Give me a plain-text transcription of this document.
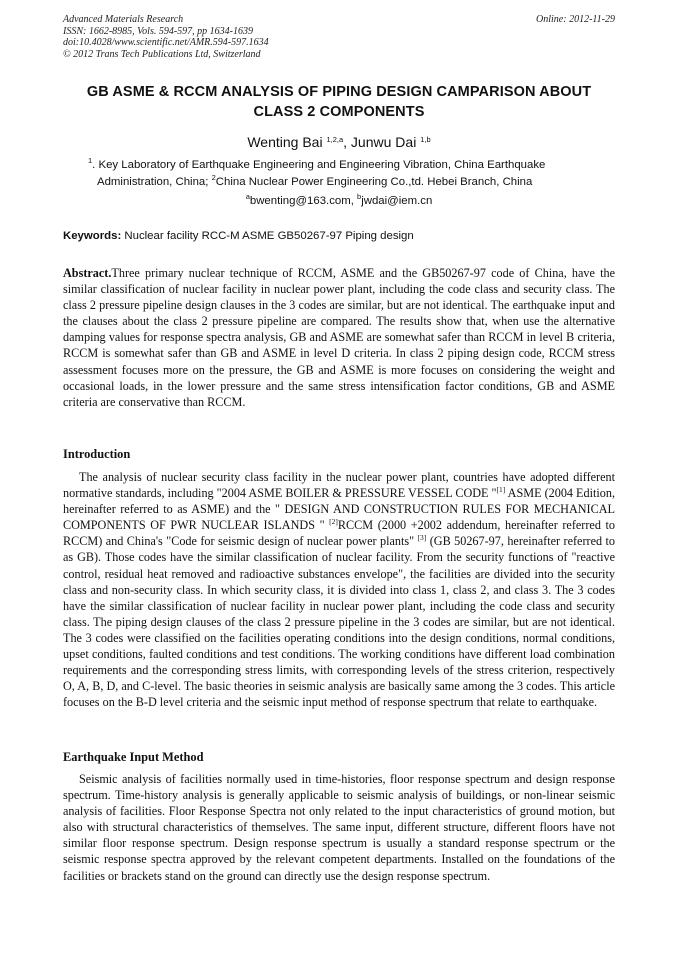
Advanced Materials Research
ISSN: 1662-8985, Vols. 594-597, pp 1634-1639
doi:10.4028/www.scientific.net/AMR.594-597.1634
© 2012 Trans Tech Publications Ltd, Switzerland
Online: 2012-11-29
GB ASME & RCCM ANALYSIS OF PIPING DESIGN CAMPARISON ABOUT
CLASS 2 COMPONENTS
Wenting Bai $^{1,2,a}$, Junwu Dai $^{1,b}$
$^1$. Key Laboratory of Earthquake Engineering and Engineering Vibration, China Earthquake
Administration, China; $^2$China Nuclear Power Engineering Co.,td. Hebei Branch, China
$^a$bwenting@163.com, $^b$jwdai@iem.cn
Keywords: Nuclear facility RCC-M ASME GB50267-97 Piping design
Abstract.Three primary nuclear technique of RCCM, ASME and the GB50267-97 code of China, have the similar classification of nuclear facility in nuclear power plant, including the code class and security class. The class 2 pressure pipeline design clauses in the 3 codes are similar, but are not identical. The earthquake input and the clauses about the class 2 pressure pipeline are compared. The results show that, when use the alternative damping values for response spectra analysis, GB and ASME are somewhat safer than RCCM in level B criteria, RCCM is somewhat safer than GB and ASME in level D criteria. In class 2 piping design code, RCCM stress assessment focuses more on the pressure, the GB and ASME is more focuses on considering the weight and occasional loads, in the lower pressure and the same stress intensification factor conditions, GB and ASME criteria are conservative than RCCM.
Introduction
The analysis of nuclear security class facility in the nuclear power plant, countries have adopted different normative standards, including "2004 ASME BOILER & PRESSURE VESSEL CODE "[1] ASME (2004 Edition, hereinafter referred to as ASME) and the " DESIGN AND CONSTRUCTION RULES FOR MECHANICAL COMPONENTS OF PWR NUCLEAR ISLANDS " [2]RCCM (2000 +2002 addendum, hereinafter referred to RCCM) and China's "Code for seismic design of nuclear power plants" [3] (GB 50267-97, hereinafter referred to as GB). Those codes have the similar classification of nuclear facility. From the security functions of "reactive control, residual heat removed and radioactive substances envelope", the facilities are divided into the security class and non-security class. In which security class, it is divided into class 1, class 2, and class 3. The 3 codes have the similar classification of nuclear facility in nuclear power plant, including the code class and security class. The piping design clauses of the class 2 pressure pipeline in the 3 codes are similar, but are not identical. The 3 codes were classified on the facilities operating conditions into the design conditions, normal conditions, upset conditions, faulted conditions and test conditions. The working conditions have different load combination requirements and the corresponding stress limits, with corresponding levels of the stress criterion, respectively O, A, B, D, and C-level. The basic theories in seismic analysis are basically same among the 3 codes. This article focuses on the B-D level criteria and the seismic input method of response spectrum that relate to earthquake.
Earthquake Input Method
Seismic analysis of facilities normally used in time-histories, floor response spectrum and design response spectrum. Time-history analysis is generally applicable to seismic analysis of buildings, or non-linear seismic analysis of facilities. Floor Response Spectra not only related to the input characteristics of ground motion, but also with structural characteristics of themselves. The same input, different structure, different floors have not similar floor response spectrum. Design response spectrum is usually a standard response spectrum or the seismic response spectra approved by the relevant competent departments. Installed on the foundations of the facilities or brackets stand on the ground can directly use the design response spectrum.
